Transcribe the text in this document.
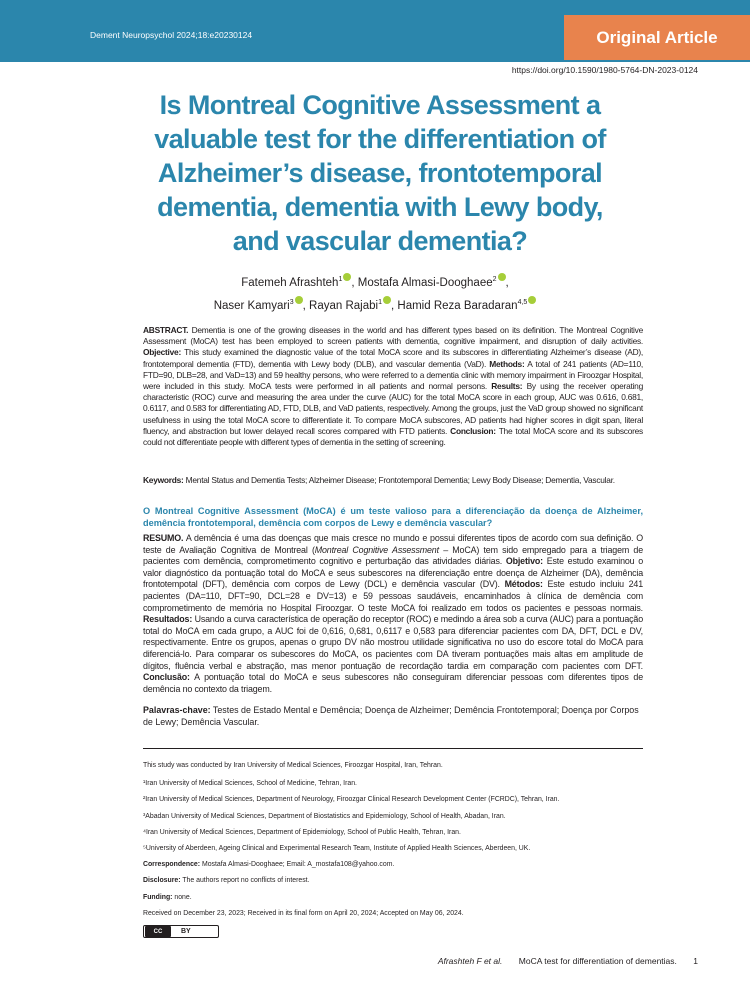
Dement Neuropsychol 2024;18:e20230124	Original Article
https://doi.org/10.1590/1980-5764-DN-2023-0124
Is Montreal Cognitive Assessment a valuable test for the differentiation of Alzheimer’s disease, frontotemporal dementia, dementia with Lewy body, and vascular dementia?
Fatemeh Afrashteh$^1$ , Mostafa Almasi-Dooghaee$^2$ ,
Naser Kamyari$^3$ , Rayan Rajabi$^1$ , Hamid Reza Baradaran$^{4,5}$
ABSTRACT. Dementia is one of the growing diseases in the world and has different types based on its definition. The Montreal Cognitive Assessment (MoCA) test has been employed to screen patients with dementia, cognitive impairment, and disruption of daily activities. Objective: This study examined the diagnostic value of the total MoCA score and its subscores in differentiating Alzheimer’s disease (AD), frontotemporal dementia (FTD), dementia with Lewy body (DLB), and vascular dementia (VaD). Methods: A total of 241 patients (AD=110, FTD=90, DLB=28, and VaD=13) and 59 healthy persons, who were referred to a dementia clinic with memory impairment in Firoozgar Hospital, were included in this study. MoCA tests were performed in all patients and normal persons. Results: By using the receiver operating characteristic (ROC) curve and measuring the area under the curve (AUC) for the total MoCA score in each group, AUC was 0.616, 0.681, 0.6117, and 0.583 for differentiating AD, FTD, DLB, and VaD patients, respectively. Among the groups, just the VaD group showed no significant usefulness in using the total MoCA score to differentiate it. To compare MoCA subscores, AD patients had higher scores in digit span, literal fluency, and abstraction but lower delayed recall scores compared with FTD patients. Conclusion: The total MoCA score and its subscores could not differentiate people with different types of dementia in the setting of screening.
Keywords: Mental Status and Dementia Tests; Alzheimer Disease; Frontotemporal Dementia; Lewy Body Disease; Dementia, Vascular.
O Montreal Cognitive Assessment (MoCA) é um teste valioso para a diferenciação da doença de Alzheimer, demência frontotemporal, demência com corpos de Lewy e demência vascular?
RESUMO. A demência é uma das doenças que mais cresce no mundo e possui diferentes tipos de acordo com sua definição. O teste de Avaliação Cognitiva de Montreal (Montreal Cognitive Assessment – MoCA) tem sido empregado para a triagem de pacientes com demência, comprometimento cognitivo e perturbação das atividades diárias. Objetivo: Este estudo examinou o valor diagnóstico da pontuação total do MoCA e seus subescores na diferenciação entre doença de Alzheimer (DA), demência frontotempotal (DFT), demência com corpos de Lewy (DCL) e demência vascular (DV). Métodos: Este estudo incluiu 241 pacientes (DA=110, DFT=90, DCL=28 e DV=13) e 59 pessoas saudáveis, encaminhados à clínica de demência com comprometimento de memória no Hospital Firoozgar. O teste MoCA foi realizado em todos os pacientes e pessoas normais. Resultados: Usando a curva característica de operação do receptor (ROC) e medindo a área sob a curva (AUC) para a pontuação total do MoCA em cada grupo, a AUC foi de 0,616, 0,681, 0,6117 e 0,583 para diferenciar pacientes com DA, DFT, DCL e DV, respectivamente. Entre os grupos, apenas o grupo DV não mostrou utilidade significativa no uso do escore total do MoCA para diferenciá-lo. Para comparar os subescores do MoCA, os pacientes com DA tiveram pontuações mais altas em amplitude de dígitos, fluência verbal e abstração, mas menor pontuação de recordação tardia em comparação com pacientes com DFT. Conclusão: A pontuação total do MoCA e seus subescores não conseguiram diferenciar pessoas com diferentes tipos de demência no contexto da triagem.
Palavras-chave: Testes de Estado Mental e Demência; Doença de Alzheimer; Demência Frontotemporal; Doença por Corpos de Lewy; Demência Vascular.

This study was conducted by Iran University of Medical Sciences, Firoozgar Hospital, Iran, Tehran.

¹Iran University of Medical Sciences, School of Medicine, Tehran, Iran.

²Iran University of Medical Sciences, Department of Neurology, Firoozgar Clinical Research Development Center (FCRDC), Tehran, Iran.

³Abadan University of Medical Sciences, Department of Biostatistics and Epidemiology, School of Health, Abadan, Iran.

⁴Iran University of Medical Sciences, Department of Epidemiology, School of Public Health, Tehran, Iran.

⁵University of Aberdeen, Ageing Clinical and Experimental Research Team, Institute of Applied Health Sciences, Aberdeen, UK.

Correspondence: Mostafa Almasi-Dooghaee; Email: A_mostafa108@yahoo.com.

Disclosure: The authors report no conflicts of interest.

Funding: none.

Received on December 23, 2023; Received in its final form on April 20, 2024; Accepted on May 06, 2024.

CC	BY
Afrashteh F et al. MoCA test for differentiation of dementias. 1
